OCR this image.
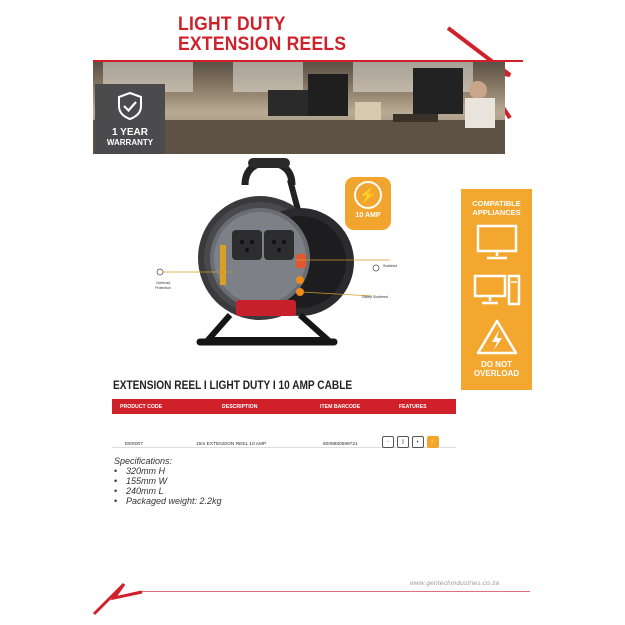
LIGHT DUTY
EXTENSION REELS
1 YEAR
WARRANTY
Overload Protection
Switched
Safety Shuttered
⚡
10 AMP
COMPATIBLE
APPLIANCES
DO NOT
OVERLOAD
EXTENSION REEL I LIGHT DUTY I 10 AMP CABLE
PRODUCT CODE	DESCRIPTION	ITEM BARCODE	FEATURES
EER007	15m EXTENSION REEL 10 AMP	6009880599721	◦	▯	◐	⚡
Specifications:
• 320mm H
• 155mm W
• 240mm L
• Packaged weight: 2.2kg
www.gentechindustries.co.za
